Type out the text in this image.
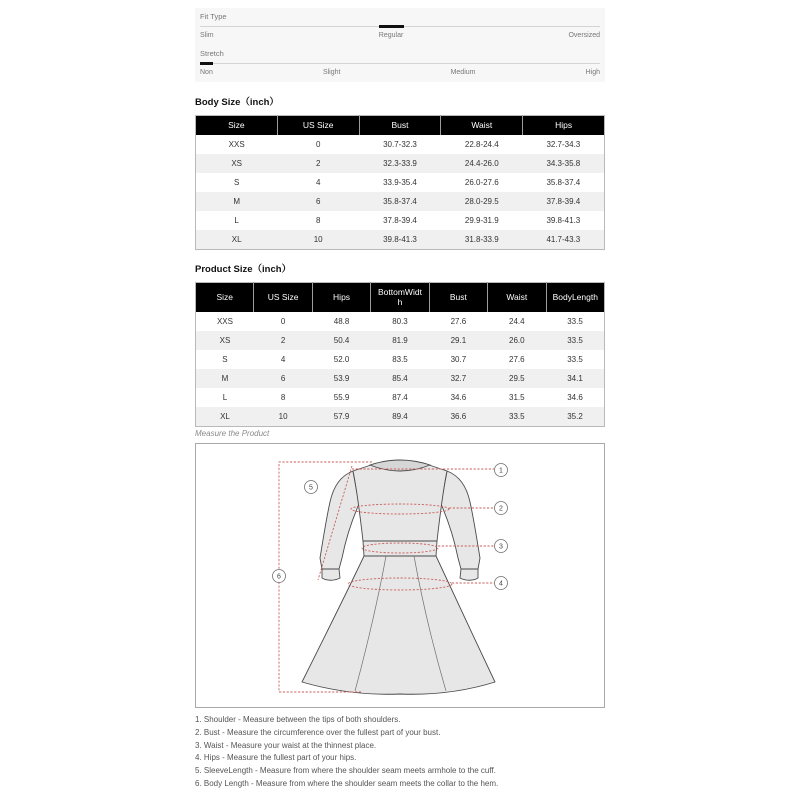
Fit Type
Slim	Regular	Oversized
Stretch
Non	Slight	Medium	High
Body Size（inch）
Size	US Size	Bust	Waist	Hips
XXS	0	30.7-32.3	22.8-24.4	32.7-34.3
XS	2	32.3-33.9	24.4-26.0	34.3-35.8
S	4	33.9-35.4	26.0-27.6	35.8-37.4
M	6	35.8-37.4	28.0-29.5	37.8-39.4
L	8	37.8-39.4	29.9-31.9	39.8-41.3
XL	10	39.8-41.3	31.8-33.9	41.7-43.3
Product Size（inch）
Size	US Size	Hips	BottomWidth	Bust	Waist	BodyLength
XXS	0	48.8	80.3	27.6	24.4	33.5
XS	2	50.4	81.9	29.1	26.0	33.5
S	4	52.0	83.5	30.7	27.6	33.5
M	6	53.9	85.4	32.7	29.5	34.1
L	8	55.9	87.4	34.6	31.5	34.6
XL	10	57.9	89.4	36.6	33.5	35.2
Measure the Product
1
2
3
4
5
6
1. Shoulder - Measure between the tips of both shoulders.
2. Bust - Measure the circumference over the fullest part of your bust.
3. Waist - Measure your waist at the thinnest place.
4. Hips - Measure the fullest part of your hips.
5. SleeveLength - Measure from where the shoulder seam meets armhole to the cuff.
6. Body Length - Measure from where the shoulder seam meets the collar to the hem.
